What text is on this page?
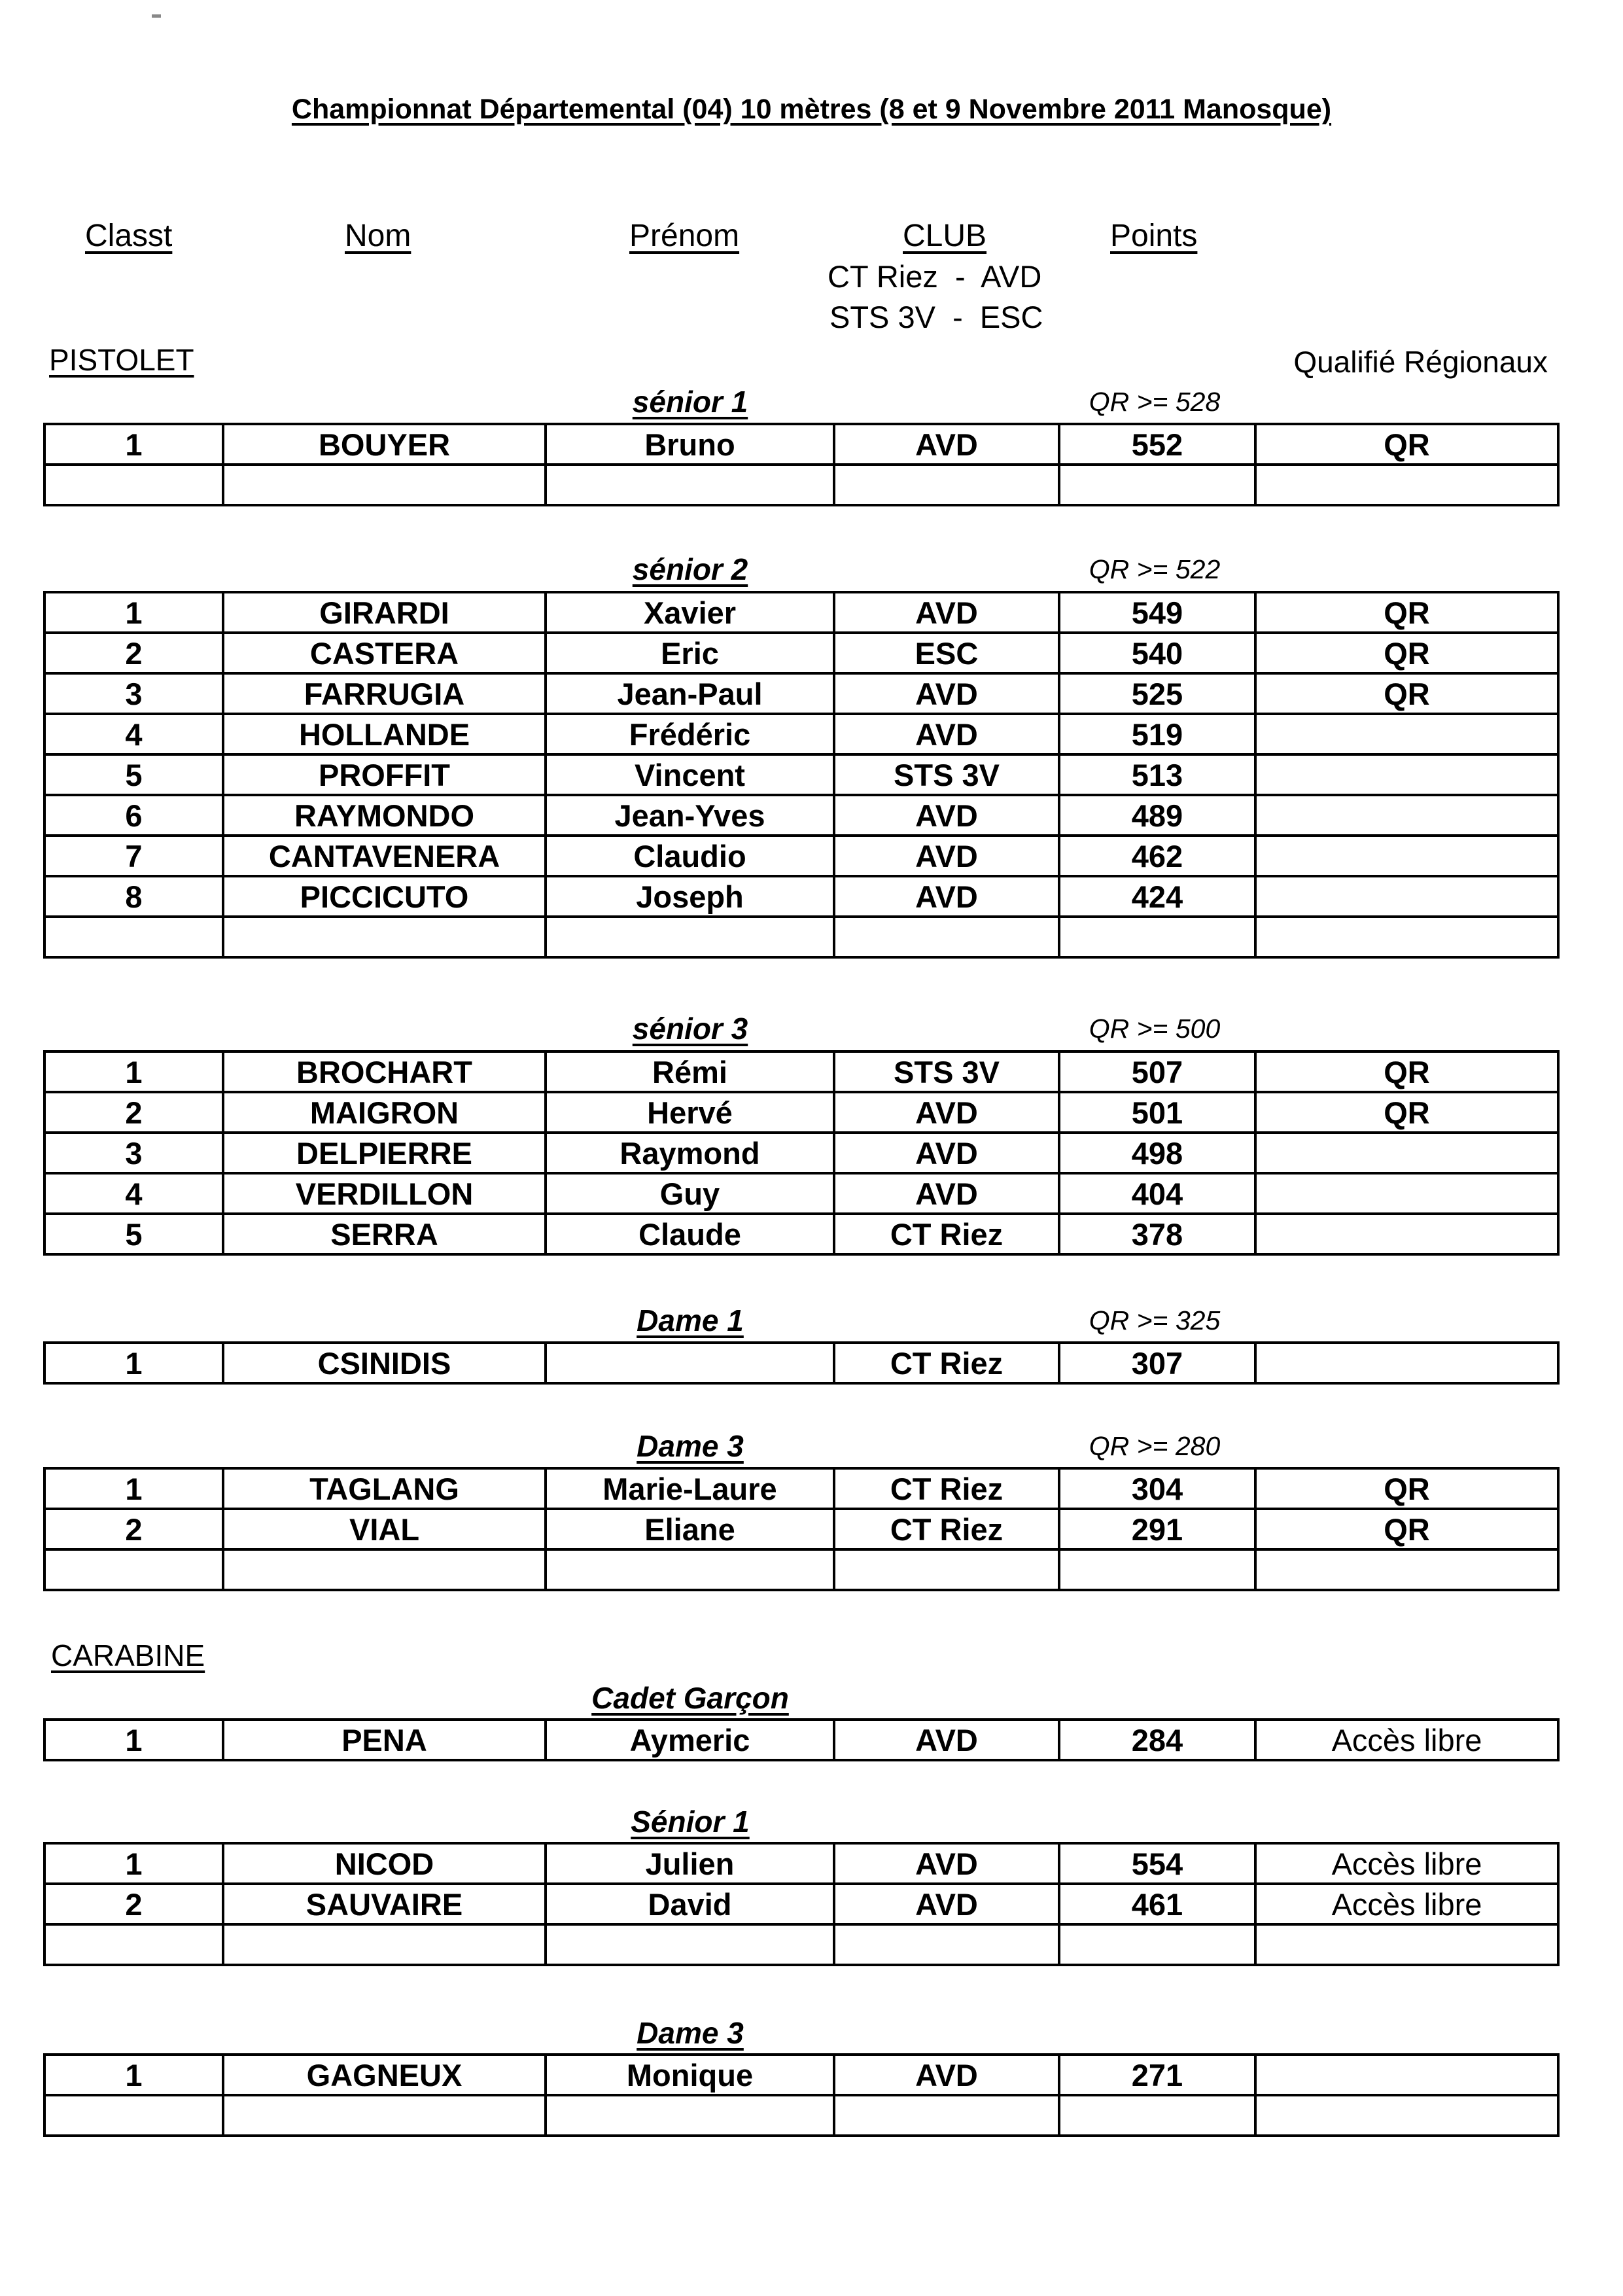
Championnat Départemental (04) 10 mètres (8 et 9 Novembre 2011 Manosque)
Classt	Nom	Prénom	CLUB	Points
CT Riez  -  AVD
STS 3V  -  ESC
PISTOLET	Qualifié Régionaux
sénior 1	QR >= 528
1	BOUYER	Bruno	AVD	552	QR

sénior 2	QR >= 522
1	GIRARDI	Xavier	AVD	549	QR
2	CASTERA	Eric	ESC	540	QR
3	FARRUGIA	Jean-Paul	AVD	525	QR
4	HOLLANDE	Frédéric	AVD	519	
5	PROFFIT	Vincent	STS 3V	513	
6	RAYMONDO	Jean-Yves	AVD	489	
7	CANTAVENERA	Claudio	AVD	462	
8	PICCICUTO	Joseph	AVD	424	

sénior 3	QR >= 500
1	BROCHART	Rémi	STS 3V	507	QR
2	MAIGRON	Hervé	AVD	501	QR
3	DELPIERRE	Raymond	AVD	498	
4	VERDILLON	Guy	AVD	404	
5	SERRA	Claude	CT Riez	378	
Dame 1	QR >= 325
1	CSINIDIS		CT Riez	307	
Dame 3	QR >= 280
1	TAGLANG	Marie-Laure	CT Riez	304	QR
2	VIAL	Eliane	CT Riez	291	QR

CARABINE
Cadet Garçon
1	PENA	Aymeric	AVD	284	Accès libre
Sénior 1
1	NICOD	Julien	AVD	554	Accès libre
2	SAUVAIRE	David	AVD	461	Accès libre

Dame 3
1	GAGNEUX	Monique	AVD	271	
